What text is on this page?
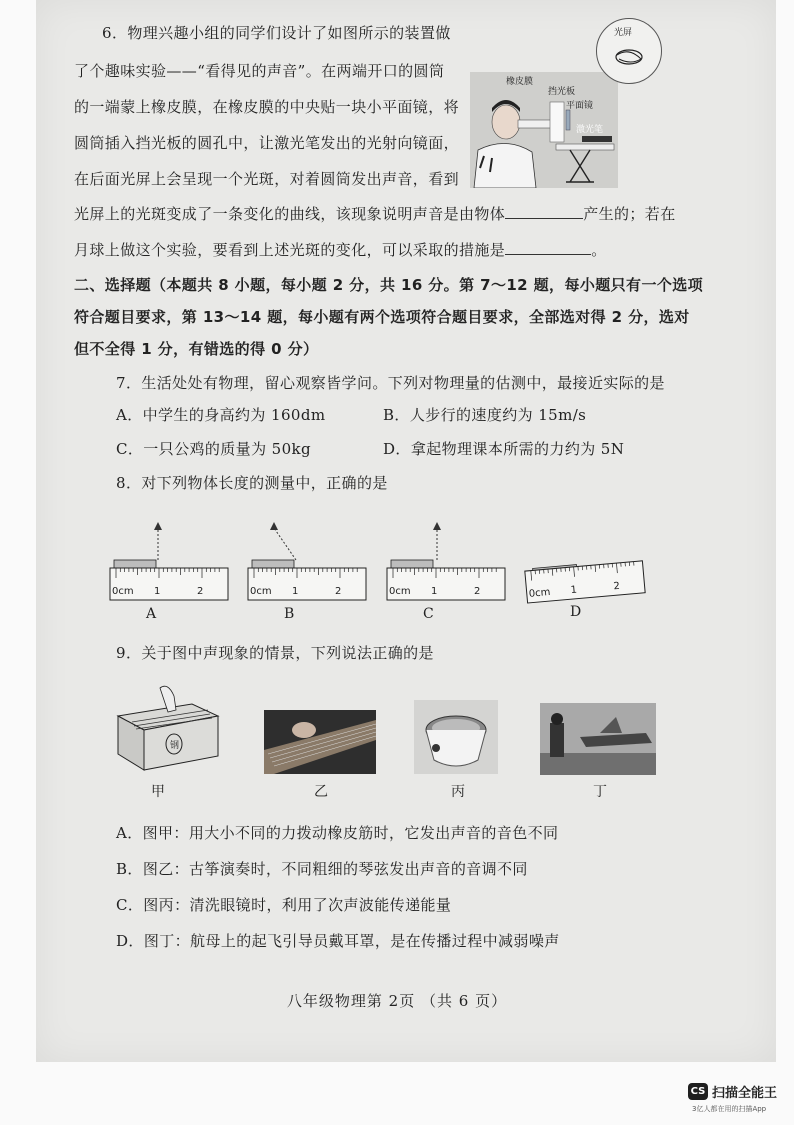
6．物理兴趣小组的同学们设计了如图所示的装置做
了个趣味实验——“看得见的声音”。在两端开口的圆筒
的一端蒙上橡皮膜，在橡皮膜的中央贴一块小平面镜，将
圆筒插入挡光板的圆孔中，让激光笔发出的光射向镜面，
在后面光屏上会呈现一个光斑，对着圆筒发出声音，看到
光屏上的光斑变成了一条变化的曲线，该现象说明声音是由物体	产生的；若在
月球上做这个实验，要看到上述光斑的变化，可以采取的措施是	。
橡皮膜
挡光板
平面镜
激光笔
光屏
二、选择题（本题共 8 小题，每小题 2 分，共 16 分。第 7～12 题，每小题只有一个选项
符合题目要求，第 13～14 题，每小题有两个选项符合题目要求，全部选对得 2 分，选对
但不全得 1 分，有错选的得 0 分）
7．生活处处有物理，留心观察皆学问。下列对物理量的估测中，最接近实际的是
A．中学生的身高约为 160dm	B．人步行的速度约为 15m/s
C．一只公鸡的质量为 50kg	D．拿起物理课本所需的力约为 5N
8．对下列物体长度的测量中，正确的是
0cm 1	2
A
0cm 1	2
B
0cm 1	2
C
0cm 1	2
D
9．关于图中声现象的情景，下列说法正确的是
钢
甲	乙	丙	丁
A．图甲：用大小不同的力拨动橡皮筋时，它发出声音的音色不同
B．图乙：古筝演奏时，不同粗细的琴弦发出声音的音调不同
C．图丙：清洗眼镜时，利用了次声波能传递能量
D．图丁：航母上的起飞引导员戴耳罩，是在传播过程中减弱噪声
八年级物理第 2页 （共 6 页）
CS 扫描全能王
3亿人都在用的扫描App
